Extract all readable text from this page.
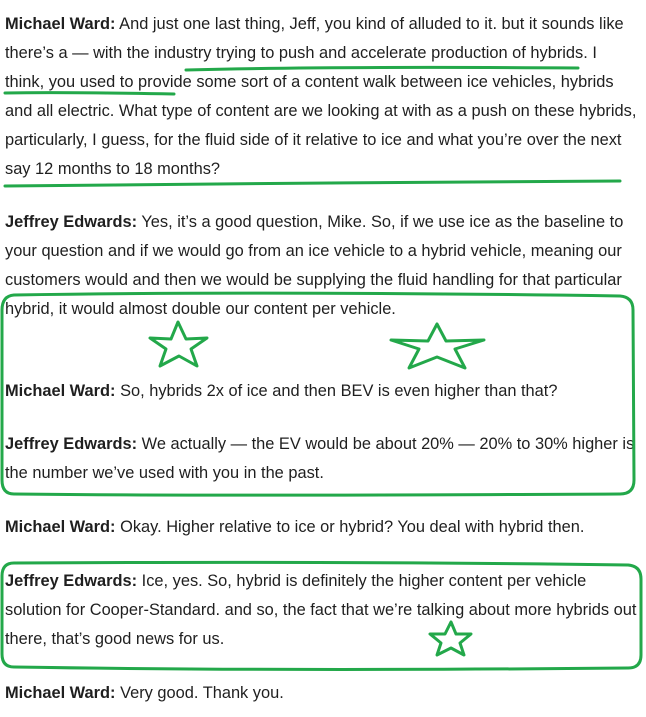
Michael Ward: And just one last thing, Jeff, you kind of alluded to it. but it sounds like there’s a — with the industry trying to push and accelerate production of hybrids. I think, you used to provide some sort of a content walk between ice vehicles, hybrids and all electric. What type of content are we looking at with as a push on these hybrids, particularly, I guess, for the fluid side of it relative to ice and what you’re over the next say 12 months to 18 months?

Jeffrey Edwards: Yes, it’s a good question, Mike. So, if we use ice as the baseline to your question and if we would go from an ice vehicle to a hybrid vehicle, meaning our customers would and then we would be supplying the fluid handling for that particular hybrid, it would almost double our content per vehicle.

Michael Ward: So, hybrids 2x of ice and then BEV is even higher than that?

Jeffrey Edwards: We actually — the EV would be about 20% — 20% to 30% higher is the number we’ve used with you in the past.

Michael Ward: Okay. Higher relative to ice or hybrid? You deal with hybrid then.

Jeffrey Edwards: Ice, yes. So, hybrid is definitely the higher content per vehicle solution for Cooper-Standard. and so, the fact that we’re talking about more hybrids out there, that’s good news for us.

Michael Ward: Very good. Thank you.
